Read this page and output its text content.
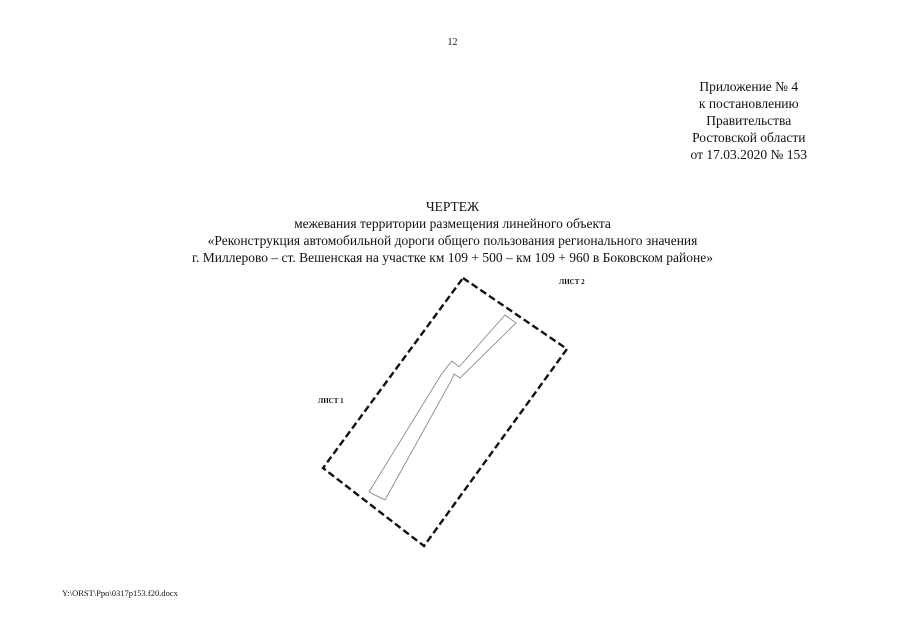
12
Приложение № 4
к постановлению
Правительства
Ростовской области
от 17.03.2020 № 153
ЧЕРТЕЖ
межевания территории размещения линейного объекта
«Реконструкция автомобильной дороги общего пользования регионального значения
г. Миллерово – ст. Вешенская на участке км 109 + 500 – км 109 + 960 в Боковском районе»
ЛИСТ 2
ЛИСТ 1
Y:\ORST\Ppo\0317p153.f20.docx
